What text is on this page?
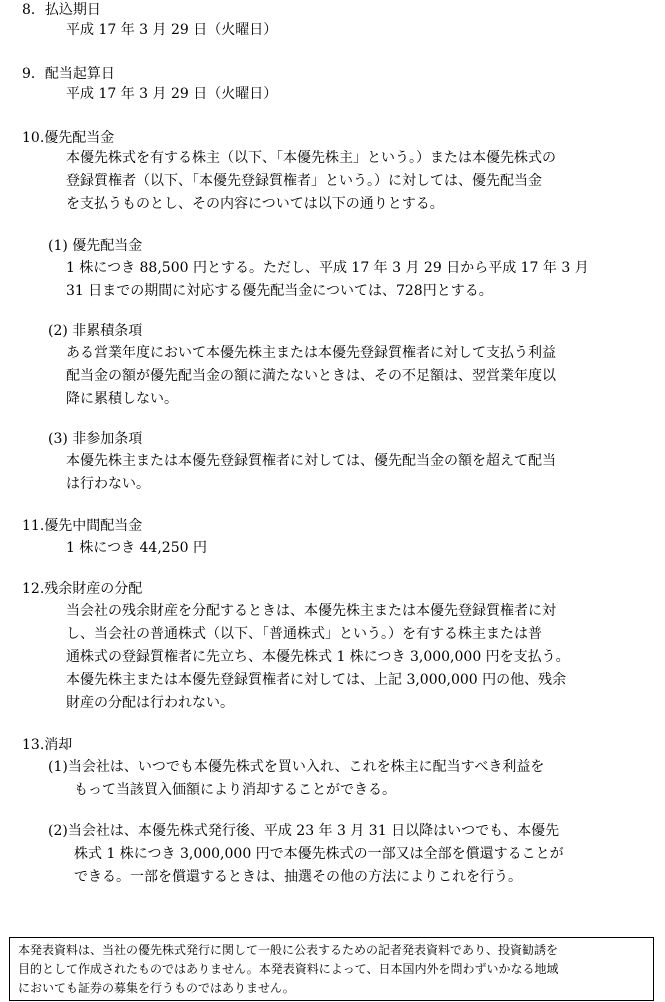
8．払込期日
平成 17 年 3 月 29 日（火曜日）
9．配当起算日
平成 17 年 3 月 29 日（火曜日）
10.優先配当金
本優先株式を有する株主（以下、「本優先株主」という。）または本優先株式の
登録質権者（以下、「本優先登録質権者」という。）に対しては、優先配当金
を支払うものとし、その内容については以下の通りとする。
(1) 優先配当金
1 株につき 88,500 円とする。ただし、平成 17 年 3 月 29 日から平成 17 年 3 月
31 日までの期間に対応する優先配当金については、728円とする。
(2) 非累積条項
ある営業年度において本優先株主または本優先登録質権者に対して支払う利益
配当金の額が優先配当金の額に満たないときは、その不足額は、翌営業年度以
降に累積しない。
(3) 非参加条項
本優先株主または本優先登録質権者に対しては、優先配当金の額を超えて配当
は行わない。
11.優先中間配当金
1 株につき 44,250 円
12.残余財産の分配
当会社の残余財産を分配するときは、本優先株主または本優先登録質権者に対
し、当会社の普通株式（以下、「普通株式」という。）を有する株主または普
通株式の登録質権者に先立ち、本優先株式 1 株につき 3,000,000 円を支払う。
本優先株主または本優先登録質権者に対しては、上記 3,000,000 円の他、残余
財産の分配は行われない。
13.消却
(1)当会社は、いつでも本優先株式を買い入れ、これを株主に配当すべき利益を
もって当該買入価額により消却することができる。
(2)当会社は、本優先株式発行後、平成 23 年 3 月 31 日以降はいつでも、本優先
株式 1 株につき 3,000,000 円で本優先株式の一部又は全部を償還することが
できる。一部を償還するときは、抽選その他の方法によりこれを行う。
本発表資料は、当社の優先株式発行に関して一般に公表するための記者発表資料であり、投資勧誘を
目的として作成されたものではありません。本発表資料によって、日本国内外を問わずいかなる地域
においても証券の募集を行うものではありません。
